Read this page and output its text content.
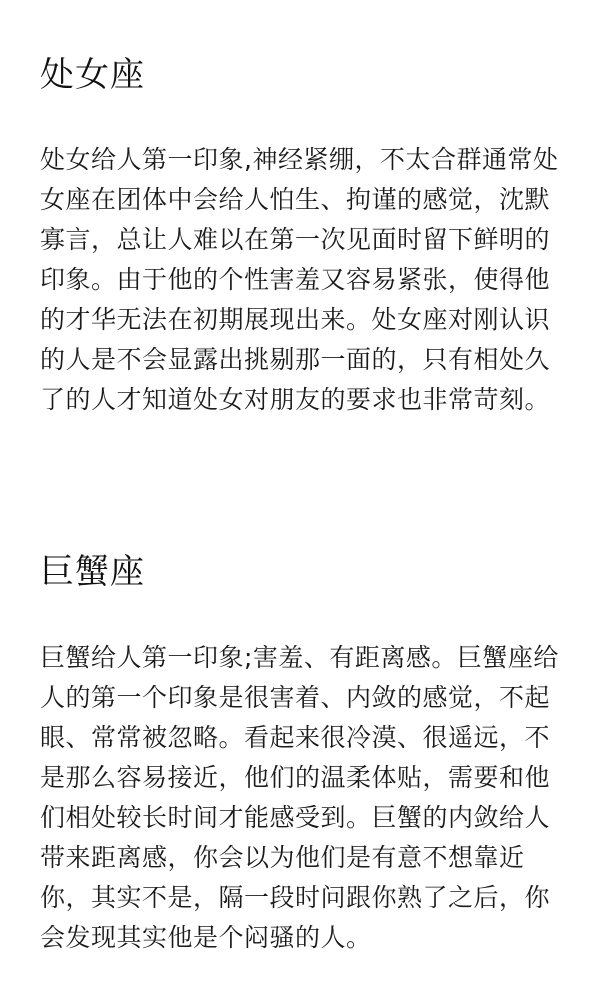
处女座

处女给人第一印象,神经紧绷，不太合群通常处女座在团体中会给人怕生、拘谨的感觉，沈默寡言，总让人难以在第一次见面时留下鲜明的印象。由于他的个性害羞又容易紧张，使得他的才华无法在初期展现出来。处女座对刚认识的人是不会显露出挑剔那一面的，只有相处久了的人才知道处女对朋友的要求也非常苛刻。

巨蟹座

巨蟹给人第一印象;害羞、有距离感。巨蟹座给人的第一个印象是很害着、内敛的感觉，不起眼、常常被忽略。看起来很冷漠、很遥远，不是那么容易接近，他们的温柔体贴，需要和他们相处较长时间才能感受到。巨蟹的内敛给人带来距离感，你会以为他们是有意不想靠近你，其实不是，隔一段时问跟你熟了之后，你会发现其实他是个闷骚的人。
